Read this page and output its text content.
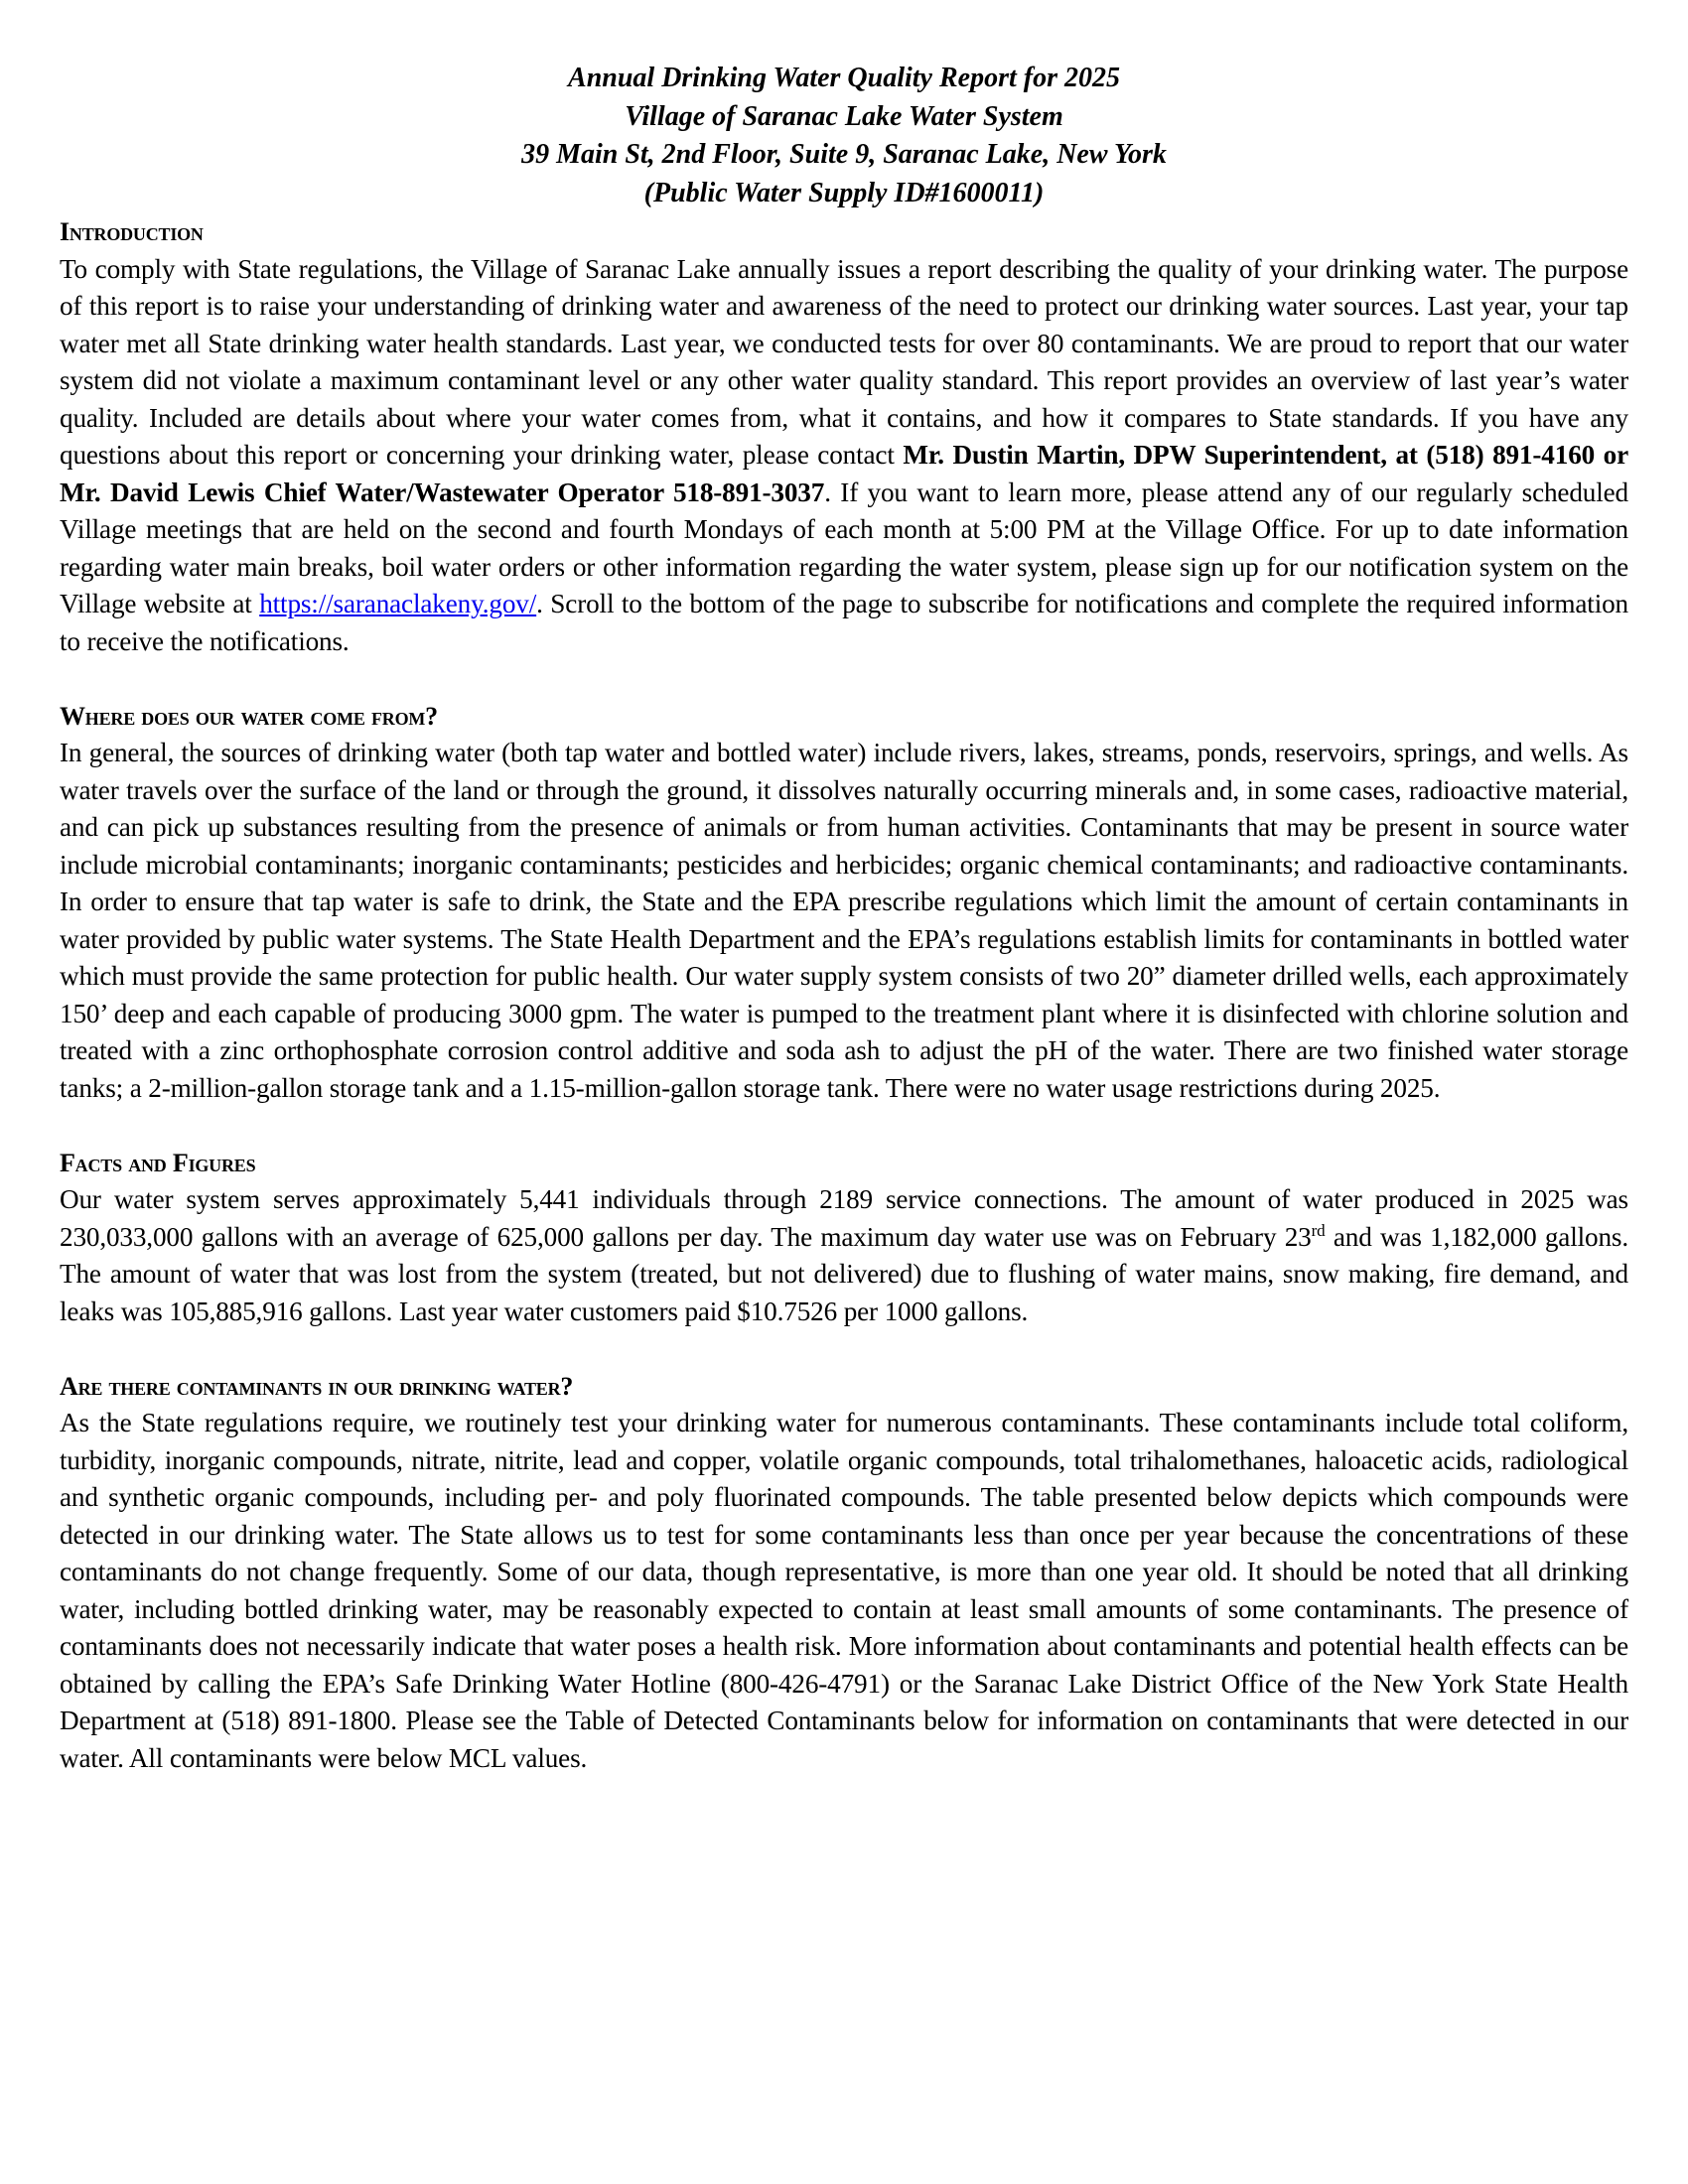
Annual Drinking Water Quality Report for 2025
Village of Saranac Lake Water System
39 Main St, 2nd Floor, Suite 9, Saranac Lake, New York
(Public Water Supply ID#1600011)
Introduction

To comply with State regulations, the Village of Saranac Lake annually issues a report describing the quality of your drinking water. The purpose of this report is to raise your understanding of drinking water and awareness of the need to protect our drinking water sources. Last year, your tap water met all State drinking water health standards. Last year, we conducted tests for over 80 contaminants. We are proud to report that our water system did not violate a maximum contaminant level or any other water quality standard. This report provides an overview of last year’s water quality. Included are details about where your water comes from, what it contains, and how it compares to State standards. If you have any questions about this report or concerning your drinking water, please contact Mr. Dustin Martin, DPW Superintendent, at (518) 891-4160 or Mr. David Lewis Chief Water/Wastewater Operator 518-891-3037. If you want to learn more, please attend any of our regularly scheduled Village meetings that are held on the second and fourth Mondays of each month at 5:00 PM at the Village Office. For up to date information regarding water main breaks, boil water orders or other information regarding the water system, please sign up for our notification system on the Village website at https://saranaclakeny.gov/. Scroll to the bottom of the page to subscribe for notifications and complete the required information to receive the notifications.

Where does our water come from?

In general, the sources of drinking water (both tap water and bottled water) include rivers, lakes, streams, ponds, reservoirs, springs, and wells. As water travels over the surface of the land or through the ground, it dissolves naturally occurring minerals and, in some cases, radioactive material, and can pick up substances resulting from the presence of animals or from human activities. Contaminants that may be present in source water include microbial contaminants; inorganic contaminants; pesticides and herbicides; organic chemical contaminants; and radioactive contaminants. In order to ensure that tap water is safe to drink, the State and the EPA prescribe regulations which limit the amount of certain contaminants in water provided by public water systems. The State Health Department and the EPA’s regulations establish limits for contaminants in bottled water which must provide the same protection for public health. Our water supply system consists of two 20” diameter drilled wells, each approximately 150’ deep and each capable of producing 3000 gpm. The water is pumped to the treatment plant where it is disinfected with chlorine solution and treated with a zinc orthophosphate corrosion control additive and soda ash to adjust the pH of the water. There are two finished water storage tanks; a 2-million-gallon storage tank and a 1.15-million-gallon storage tank. There were no water usage restrictions during 2025.

Facts and Figures

Our water system serves approximately 5,441 individuals through 2189 service connections. The amount of water produced in 2025 was 230,033,000 gallons with an average of 625,000 gallons per day. The maximum day water use was on February 23rd and was 1,182,000 gallons. The amount of water that was lost from the system (treated, but not delivered) due to flushing of water mains, snow making, fire demand, and leaks was 105,885,916 gallons. Last year water customers paid $10.7526 per 1000 gallons.

Are there contaminants in our drinking water?

As the State regulations require, we routinely test your drinking water for numerous contaminants. These contaminants include total coliform, turbidity, inorganic compounds, nitrate, nitrite, lead and copper, volatile organic compounds, total trihalomethanes, haloacetic acids, radiological and synthetic organic compounds, including per- and poly fluorinated compounds. The table presented below depicts which compounds were detected in our drinking water. The State allows us to test for some contaminants less than once per year because the concentrations of these contaminants do not change frequently. Some of our data, though representative, is more than one year old. It should be noted that all drinking water, including bottled drinking water, may be reasonably expected to contain at least small amounts of some contaminants. The presence of contaminants does not necessarily indicate that water poses a health risk. More information about contaminants and potential health effects can be obtained by calling the EPA’s Safe Drinking Water Hotline (800-426-4791) or the Saranac Lake District Office of the New York State Health Department at (518) 891-1800. Please see the Table of Detected Contaminants below for information on contaminants that were detected in our water. All contaminants were below MCL values.
